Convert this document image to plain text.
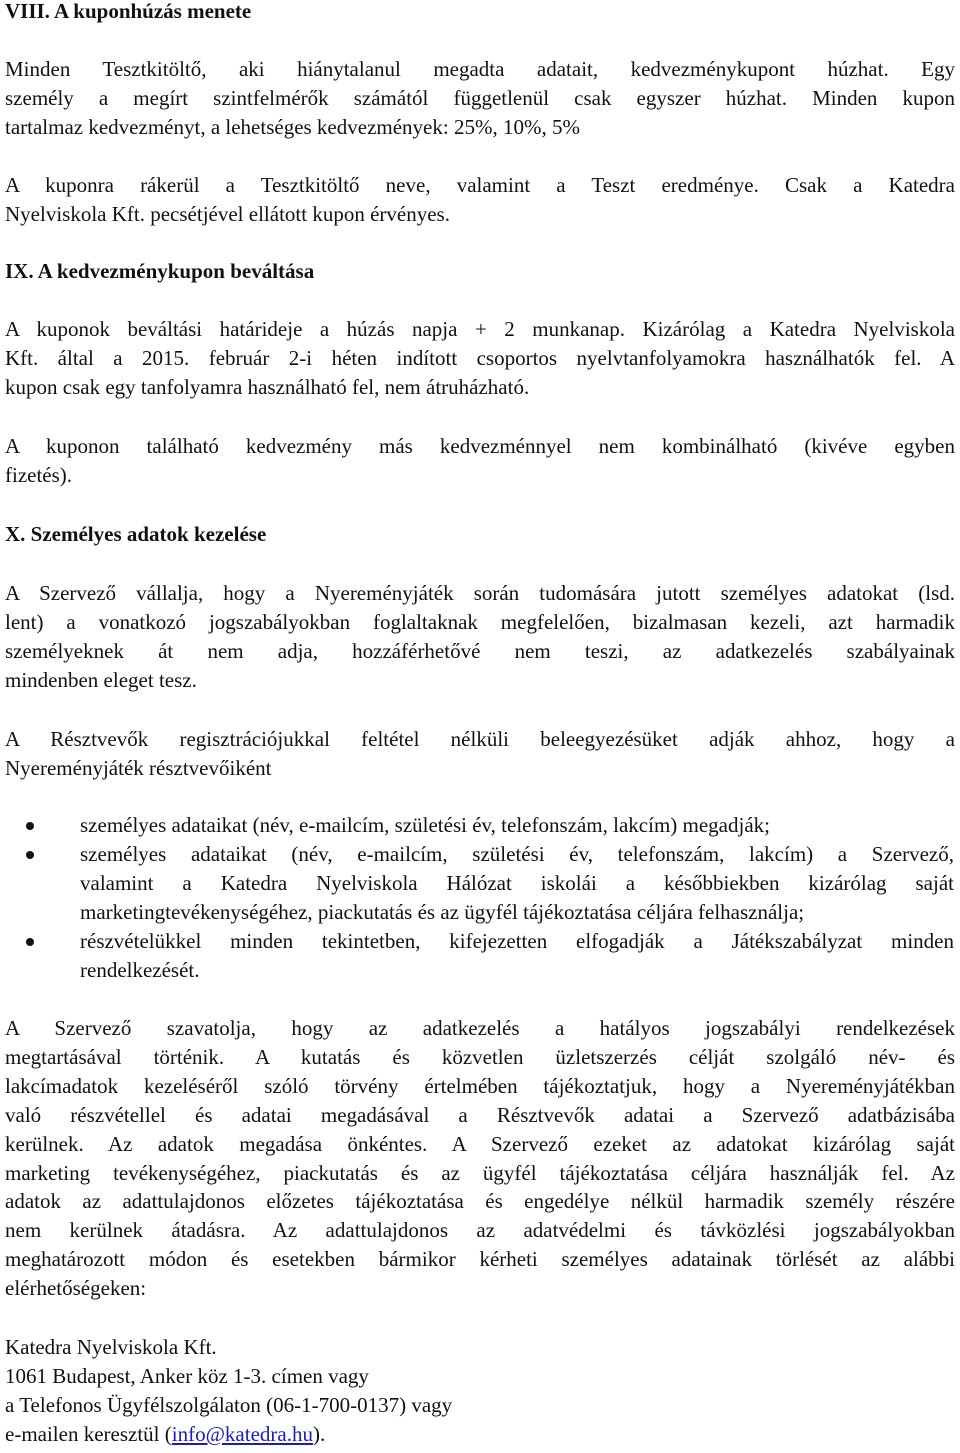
VIII. A kuponhúzás menete
Minden Tesztkitöltő, aki hiánytalanul megadta adatait, kedvezménykupont húzhat. Egy
személy a megírt szintfelmérők számától függetlenül csak egyszer húzhat. Minden kupon
tartalmaz kedvezményt, a lehetséges kedvezmények: 25%, 10%, 5%
A kuponra rákerül a Tesztkitöltő neve, valamint a Teszt eredménye. Csak a Katedra
Nyelviskola Kft. pecsétjével ellátott kupon érvényes.
IX. A kedvezménykupon beváltása
A kuponok beváltási határideje a húzás napja + 2 munkanap. Kizárólag a Katedra Nyelviskola
Kft. által a 2015. február 2-i héten indított csoportos nyelvtanfolyamokra használhatók fel. A
kupon csak egy tanfolyamra használható fel, nem átruházható.
A kuponon található kedvezmény más kedvezménnyel nem kombinálható (kivéve egyben
fizetés).
X. Személyes adatok kezelése
A Szervező vállalja, hogy a Nyereményjáték során tudomására jutott személyes adatokat (lsd.
lent) a vonatkozó jogszabályokban foglaltaknak megfelelően, bizalmasan kezeli, azt harmadik
személyeknek át nem adja, hozzáférhetővé nem teszi, az adatkezelés szabályainak
mindenben eleget tesz.
A Résztvevők regisztrációjukkal feltétel nélküli beleegyezésüket adják ahhoz, hogy a
Nyereményjáték résztvevőiként
személyes adataikat (név, e-mailcím, születési év, telefonszám, lakcím) megadják;
személyes adataikat (név, e-mailcím, születési év, telefonszám, lakcím) a Szervező,
valamint a Katedra Nyelviskola Hálózat iskolái a későbbiekben kizárólag saját
marketingtevékenységéhez, piackutatás és az ügyfél tájékoztatása céljára felhasználja;
részvételükkel minden tekintetben, kifejezetten elfogadják a Játékszabályzat minden
rendelkezését.
A Szervező szavatolja, hogy az adatkezelés a hatályos jogszabályi rendelkezések
megtartásával történik. A kutatás és közvetlen üzletszerzés célját szolgáló név- és
lakcímadatok kezeléséről szóló törvény értelmében tájékoztatjuk, hogy a Nyereményjátékban
való részvétellel és adatai megadásával a Résztvevők adatai a Szervező adatbázisába
kerülnek. Az adatok megadása önkéntes. A Szervező ezeket az adatokat kizárólag saját
marketing tevékenységéhez, piackutatás és az ügyfél tájékoztatása céljára használják fel. Az
adatok az adattulajdonos előzetes tájékoztatása és engedélye nélkül harmadik személy részére
nem kerülnek átadásra. Az adattulajdonos az adatvédelmi és távközlési jogszabályokban
meghatározott módon és esetekben bármikor kérheti személyes adatainak törlését az alábbi
elérhetőségeken:
Katedra Nyelviskola Kft.
1061 Budapest, Anker köz 1-3. címen vagy
a Telefonos Ügyfélszolgálaton (06-1-700-0137) vagy
e-mailen keresztül (info@katedra.hu).
